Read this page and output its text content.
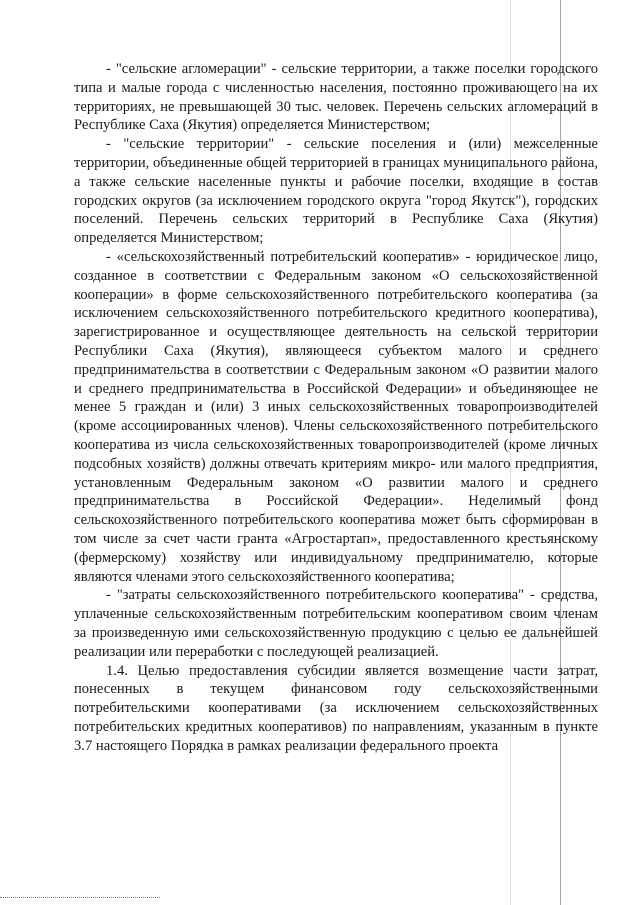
- "сельские агломерации" - сельские территории, а также поселки городского типа и малые города с численностью населения, постоянно проживающего на их территориях, не превышающей 30 тыс. человек. Перечень сельских агломераций в Республике Саха (Якутия) определяется Министерством;

- "сельские территории" - сельские поселения и (или) межселенные территории, объединенные общей территорией в границах муниципального района, а также сельские населенные пункты и рабочие поселки, входящие в состав городских округов (за исключением городского округа "город Якутск"), городских поселений. Перечень сельских территорий в Республике Саха (Якутия) определяется Министерством;

- «сельскохозяйственный потребительский кооператив» - юридическое лицо, созданное в соответствии с Федеральным законом «О сельскохозяйственной кооперации» в форме сельскохозяйственного потребительского кооператива (за исключением сельскохозяйственного потребительского кредитного кооператива), зарегистрированное и осуществляющее деятельность на сельской территории Республики Саха (Якутия), являющееся субъектом малого и среднего предпринимательства в соответствии с Федеральным законом «О развитии малого и среднего предпринимательства в Российской Федерации» и объединяющее не менее 5 граждан и (или) 3 иных сельскохозяйственных товаропроизводителей (кроме ассоциированных членов). Члены сельскохозяйственного потребительского кооператива из числа сельскохозяйственных товаропроизводителей (кроме личных подсобных хозяйств) должны отвечать критериям микро- или малого предприятия, установленным Федеральным законом «О развитии малого и среднего предпринимательства в Российской Федерации». Неделимый фонд сельскохозяйственного потребительского кооператива может быть сформирован в том числе за счет части гранта «Агростартап», предоставленного крестьянскому (фермерскому) хозяйству или индивидуальному предпринимателю, которые являются членами этого сельскохозяйственного кооператива;

- "затраты сельскохозяйственного потребительского кооператива" - средства, уплаченные сельскохозяйственным потребительским кооперативом своим членам за произведенную ими сельскохозяйственную продукцию с целью ее дальнейшей реализации или переработки с последующей реализацией.

1.4. Целью предоставления субсидии является возмещение части затрат, понесенных в текущем финансовом году сельскохозяйственными потребительскими кооперативами (за исключением сельскохозяйственных потребительских кредитных кооперативов) по направлениям, указанным в пункте 3.7 настоящего Порядка в рамках реализации федерального проекта
